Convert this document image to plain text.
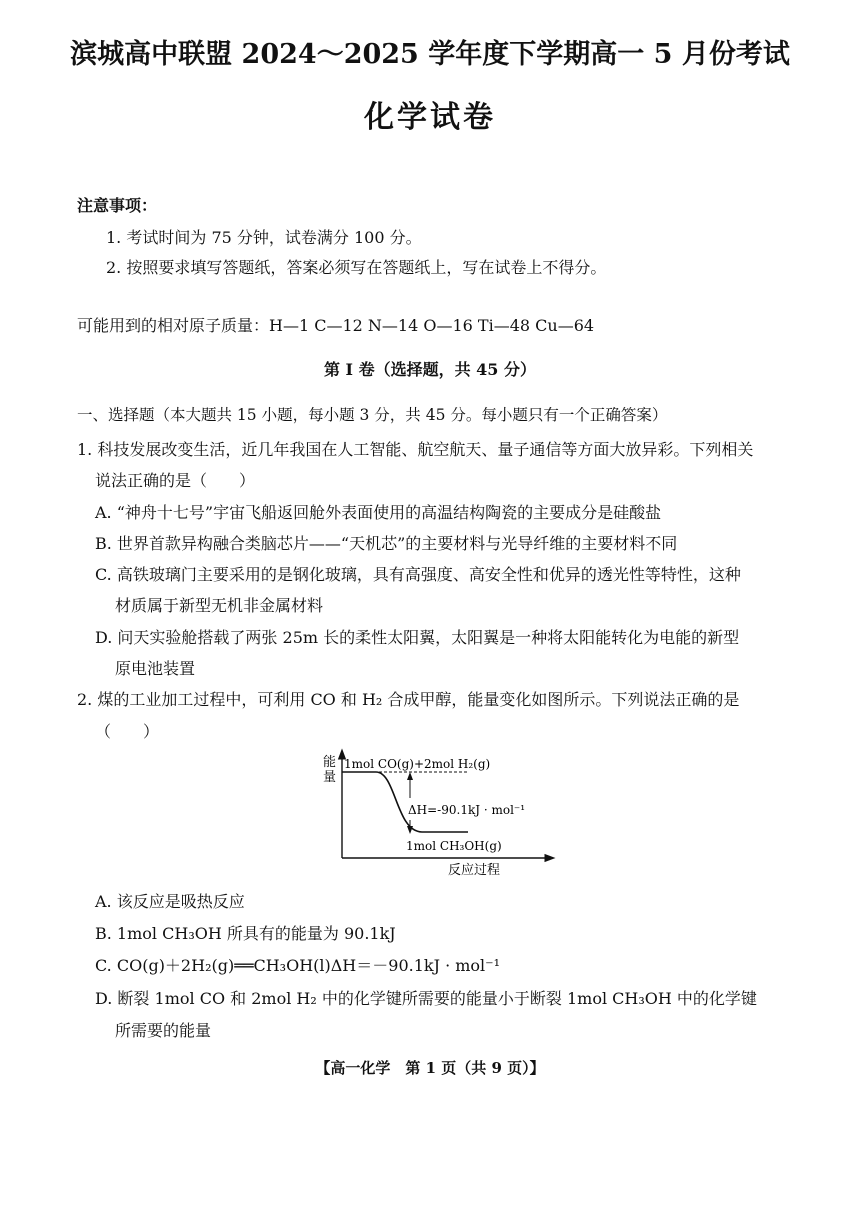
滨城高中联盟 2024～2025 学年度下学期高一 5 月份考试
化学试卷
注意事项：
1. 考试时间为 75 分钟，试卷满分 100 分。
2. 按照要求填写答题纸，答案必须写在答题纸上，写在试卷上不得分。
可能用到的相对原子质量：H—1 C—12 N—14 O—16 Ti—48 Cu—64
第 Ⅰ 卷（选择题，共 45 分）
一、选择题（本大题共 15 小题，每小题 3 分，共 45 分。每小题只有一个正确答案）
1. 科技发展改变生活，近几年我国在人工智能、航空航天、量子通信等方面大放异彩。下列相关
说法正确的是（　　）
A. “神舟十七号”宇宙飞船返回舱外表面使用的高温结构陶瓷的主要成分是硅酸盐
B. 世界首款异构融合类脑芯片——“天机芯”的主要材料与光导纤维的主要材料不同
C. 高铁玻璃门主要采用的是钢化玻璃，具有高强度、高安全性和优异的透光性等特性，这种
材质属于新型无机非金属材料
D. 问天实验舱搭载了两张 25m 长的柔性太阳翼，太阳翼是一种将太阳能转化为电能的新型
原电池装置
2. 煤的工业加工过程中，可利用 CO 和 H₂ 合成甲醇，能量变化如图所示。下列说法正确的是
（　　）
能
量
1mol CO(g)+2mol H₂(g)
ΔH=-90.1kJ · mol⁻¹
1mol CH₃OH(g)
反应过程
A. 该反应是吸热反应
B. 1mol CH₃OH 所具有的能量为 90.1kJ
C. CO(g)＋2H₂(g)══CH₃OH(l)ΔH＝－90.1kJ · mol⁻¹
D. 断裂 1mol CO 和 2mol H₂ 中的化学键所需要的能量小于断裂 1mol CH₃OH 中的化学键
所需要的能量
【高一化学　第 1 页（共 9 页）】
